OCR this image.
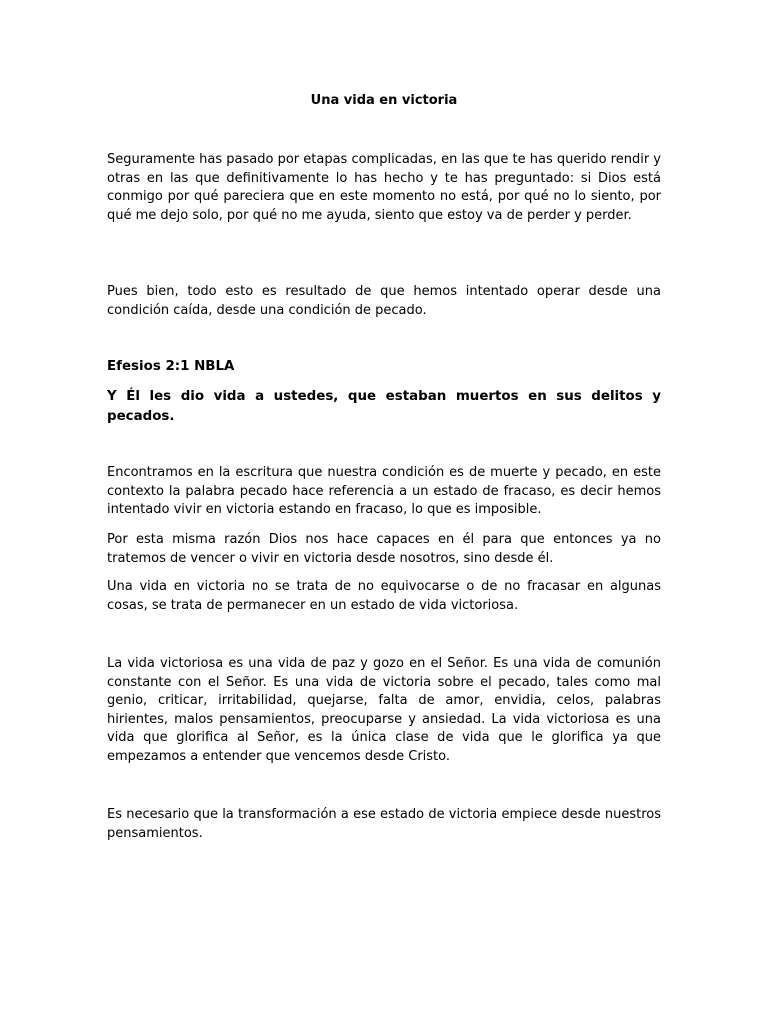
Una vida en victoria

Seguramente has pasado por etapas complicadas, en las que te has querido rendir y otras en las que definitivamente lo has hecho y te has preguntado: si Dios está conmigo por qué pareciera que en este momento no está, por qué no lo siento, por qué me dejo solo, por qué no me ayuda, siento que estoy va de perder y perder.

Pues bien, todo esto es resultado de que hemos intentado operar desde una condición caída, desde una condición de pecado.

Efesios 2:1 NBLA

Y Él les dio vida a ustedes, que estaban muertos en sus delitos y pecados.

Encontramos en la escritura que nuestra condición es de muerte y pecado, en este contexto la palabra pecado hace referencia a un estado de fracaso, es decir hemos intentado vivir en victoria estando en fracaso, lo que es imposible.

Por esta misma razón Dios nos hace capaces en él para que entonces ya no tratemos de vencer o vivir en victoria desde nosotros, sino desde él.

Una vida en victoria no se trata de no equivocarse o de no fracasar en algunas cosas, se trata de permanecer en un estado de vida victoriosa.

La vida victoriosa es una vida de paz y gozo en el Señor. Es una vida de comunión constante con el Señor. Es una vida de victoria sobre el pecado, tales como mal genio, criticar, irritabilidad, quejarse, falta de amor, envidia, celos, palabras hirientes, malos pensamientos, preocuparse y ansiedad. La vida victoriosa es una vida que glorifica al Señor, es la única clase de vida que le glorifica ya que empezamos a entender que vencemos desde Cristo.

Es necesario que la transformación a ese estado de victoria empiece desde nuestros pensamientos.
